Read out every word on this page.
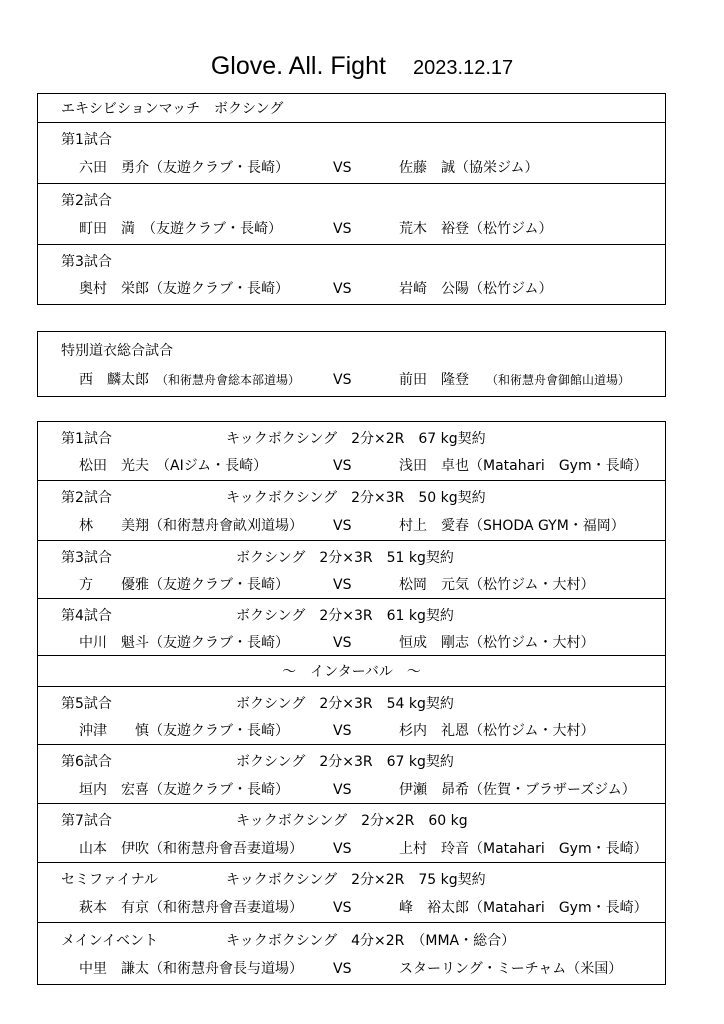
Glove. All. Fight 2023.12.17
エキシビションマッチ　ボクシング
第1試合
六田　勇介（友遊クラブ・長崎）	VS	佐藤　誠（協栄ジム）
第2試合
町田　満　（友遊クラブ・長崎）	VS	荒木　裕登（松竹ジム）
第3試合
奥村　栄郎（友遊クラブ・長崎）	VS	岩崎　公陽（松竹ジム）
特別道衣総合試合
西　麟太郎 （和術慧舟會総本部道場） VS	前田　隆登 （和術慧舟會御館山道場）
第1試合	キックボクシング　2分×2R　67 kg契約
松田　光夫　（AIジム・長崎）	VS	浅田　卓也（Matahari　Gym・長崎）
第2試合	キックボクシング　2分×3R　50 kg契約
林　　美翔（和術慧舟會畝刈道場） VS	村上　愛春（SHODA GYM・福岡）
第3試合	ボクシング　2分×3R　51 kg契約
方　　優雅（友遊クラブ・長崎）	VS	松岡　元気（松竹ジム・大村）
第4試合	ボクシング　2分×3R　61 kg契約
中川　魁斗（友遊クラブ・長崎）	VS	恒成　剛志（松竹ジム・大村）
～　インターバル　～
第5試合	ボクシング　2分×3R　54 kg契約
沖津　　慎（友遊クラブ・長崎）	VS	杉内　礼恩（松竹ジム・大村）
第6試合	ボクシング　2分×3R　67 kg契約
垣内　宏喜（友遊クラブ・長崎）	VS	伊瀬　昴希（佐賀・ブラザーズジム）
第7試合	キックボクシング　2分×2R　60 kg
山本　伊吹（和術慧舟會吾妻道場） VS	上村　玲音（Matahari　Gym・長崎）
セミファイナル	キックボクシング　2分×2R　75 kg契約
萩本　有京（和術慧舟會吾妻道場） VS	峰　裕太郎（Matahari　Gym・長崎）
メインイベント	キックボクシング　4分×2R　（MMA・総合）
中里　謙太（和術慧舟會長与道場） VS	スターリング・ミーチャム（米国）
